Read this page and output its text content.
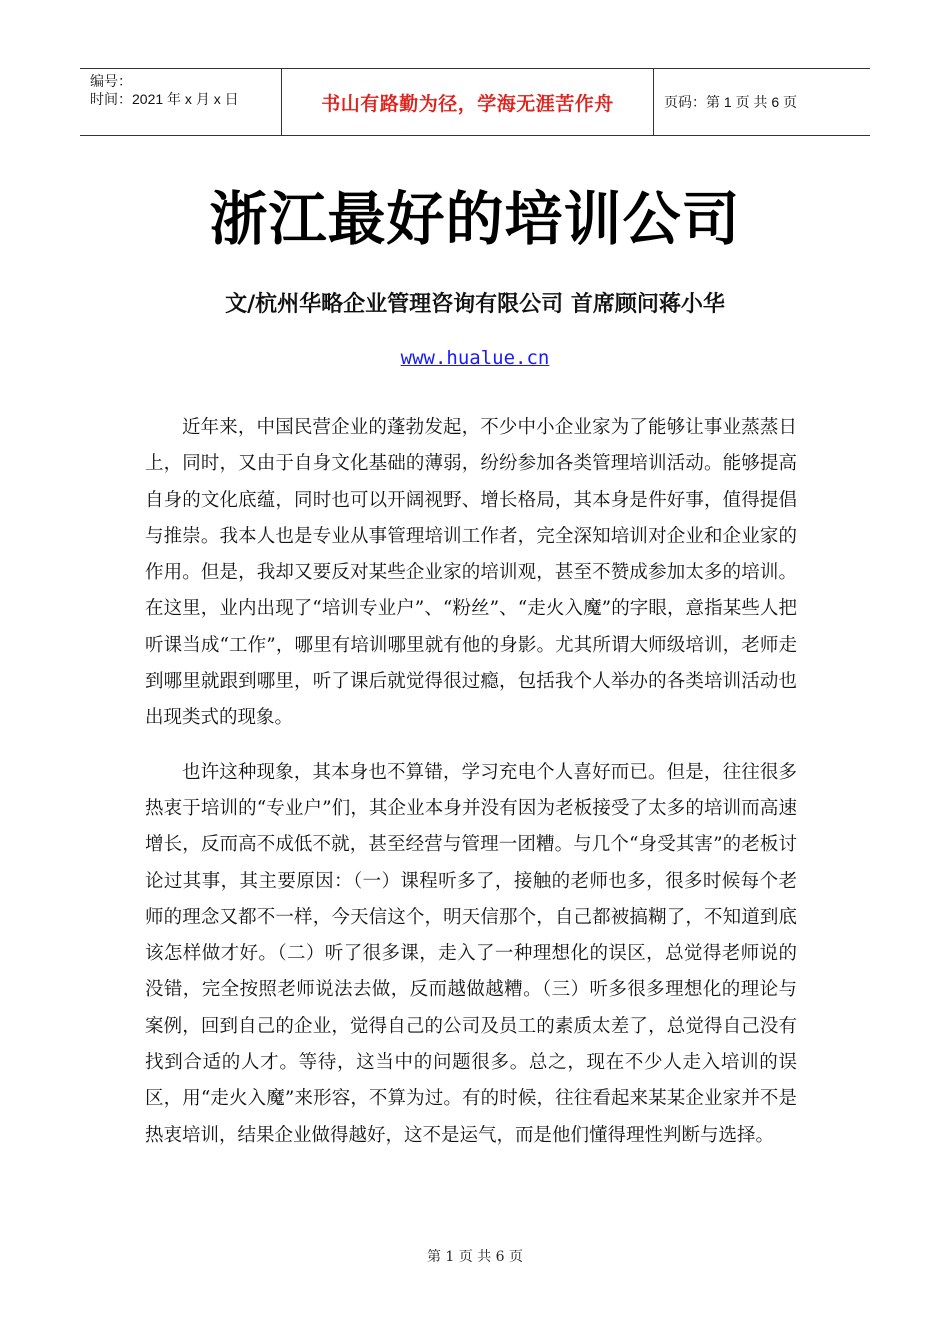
编号：
时间：2021 年 x 月 x 日	书山有路勤为径，学海无涯苦作舟	页码：第 1 页 共 6 页
浙江最好的培训公司
文/杭州华略企业管理咨询有限公司 首席顾问蒋小华
www.hualue.cn

近年来，中国民营企业的蓬勃发起，不少中小企业家为了能够让事业蒸蒸日上，同时，又由于自身文化基础的薄弱，纷纷参加各类管理培训活动。能够提高自身的文化底蕴，同时也可以开阔视野、增长格局，其本身是件好事，值得提倡与推崇。我本人也是专业从事管理培训工作者，完全深知培训对企业和企业家的作用。但是，我却又要反对某些企业家的培训观，甚至不赞成参加太多的培训。在这里，业内出现了“培训专业户”、“粉丝”、“走火入魔”的字眼，意指某些人把听课当成“工作”，哪里有培训哪里就有他的身影。尤其所谓大师级培训，老师走到哪里就跟到哪里，听了课后就觉得很过瘾，包括我个人举办的各类培训活动也出现类式的现象。

也许这种现象，其本身也不算错，学习充电个人喜好而已。但是，往往很多热衷于培训的“专业户”们，其企业本身并没有因为老板接受了太多的培训而高速增长，反而高不成低不就，甚至经营与管理一团糟。与几个“身受其害”的老板讨论过其事，其主要原因：（一）课程听多了，接触的老师也多，很多时候每个老师的理念又都不一样，今天信这个，明天信那个，自己都被搞糊了，不知道到底该怎样做才好。（二）听了很多课，走入了一种理想化的误区，总觉得老师说的没错，完全按照老师说法去做，反而越做越糟。（三）听多很多理想化的理论与案例，回到自己的企业，觉得自己的公司及员工的素质太差了，总觉得自己没有找到合适的人才。等待，这当中的问题很多。总之，现在不少人走入培训的误区，用“走火入魔”来形容，不算为过。有的时候，往往看起来某某企业家并不是热衷培训，结果企业做得越好，这不是运气，而是他们懂得理性判断与选择。

第 1 页 共 6 页
